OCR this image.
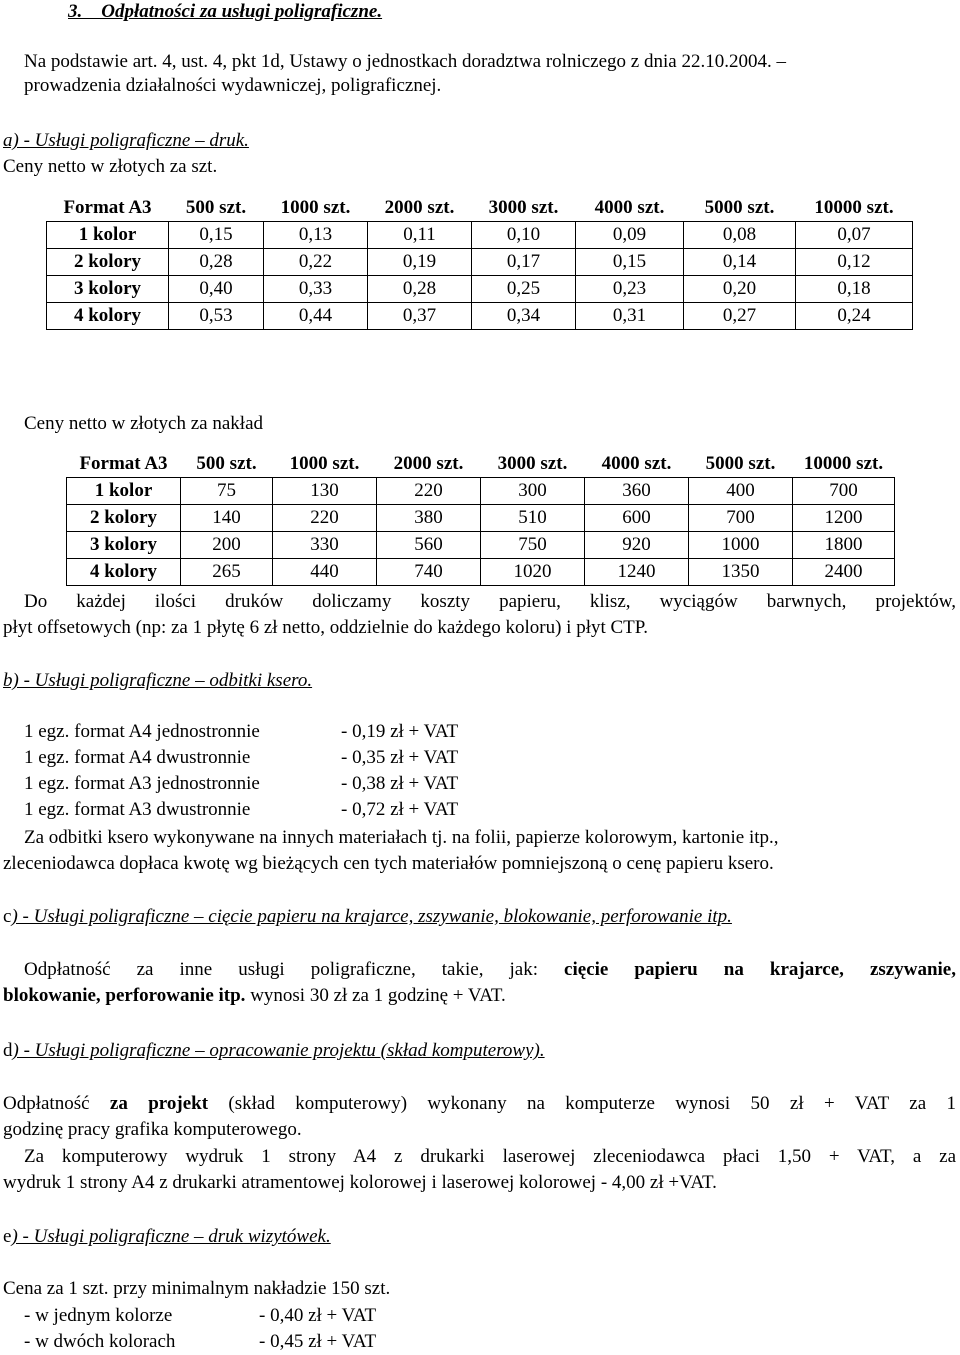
3.    Odpłatności za usługi poligraficzne.
Na podstawie art. 4, ust. 4, pkt 1d, Ustawy o jednostkach doradztwa rolniczego z dnia 22.10.2004. –
prowadzenia działalności wydawniczej, poligraficznej.
a) - Usługi poligraficzne – druk.
Ceny netto w złotych za szt.
Format A3	500 szt.	1000 szt.	2000 szt.	3000 szt.	4000 szt.	5000 szt.	10000 szt.
1 kolor	0,15	0,13	0,11	0,10	0,09	0,08	0,07
2 kolory	0,28	0,22	0,19	0,17	0,15	0,14	0,12
3 kolory	0,40	0,33	0,28	0,25	0,23	0,20	0,18
4 kolory	0,53	0,44	0,37	0,34	0,31	0,27	0,24
Ceny netto w złotych za nakład
Format A3	500 szt.	1000 szt.	2000 szt.	3000 szt.	4000 szt.	5000 szt.	10000 szt.
1 kolor	75	130	220	300	360	400	700
2 kolory	140	220	380	510	600	700	1200
3 kolory	200	330	560	750	920	1000	1800
4 kolory	265	440	740	1020	1240	1350	2400
Do każdej ilości druków doliczamy koszty papieru, klisz, wyciągów barwnych, projektów,
płyt offsetowych (np: za 1 płytę 6 zł netto, oddzielnie do każdego koloru) i płyt CTP.
b) - Usługi poligraficzne – odbitki ksero.
1 egz. format A4 jednostronnie	- 0,19 zł + VAT
1 egz. format A4 dwustronnie	- 0,35 zł + VAT
1 egz. format A3 jednostronnie	- 0,38 zł + VAT
1 egz. format A3 dwustronnie	- 0,72 zł + VAT
Za odbitki ksero wykonywane na innych materiałach tj. na folii, papierze kolorowym, kartonie itp.,
zleceniodawca dopłaca kwotę wg bieżących cen tych materiałów pomniejszoną o cenę papieru ksero.
c) - Usługi poligraficzne – cięcie papieru na krajarce, zszywanie, blokowanie, perforowanie itp.
Odpłatność za inne usługi poligraficzne, takie, jak: cięcie papieru na krajarce, zszywanie,
blokowanie, perforowanie itp. wynosi 30 zł za 1 godzinę + VAT.
d) - Usługi poligraficzne – opracowanie projektu (skład komputerowy).
Odpłatność za projekt (skład komputerowy) wykonany na komputerze wynosi 50 zł + VAT za 1
godzinę pracy grafika komputerowego.
Za komputerowy wydruk 1 strony A4 z drukarki laserowej zleceniodawca płaci 1,50 + VAT, a za
wydruk 1 strony A4 z drukarki atramentowej kolorowej i laserowej kolorowej - 4,00 zł +VAT.
e) - Usługi poligraficzne – druk wizytówek.
Cena za 1 szt. przy minimalnym nakładzie 150 szt.
- w jednym kolorze	- 0,40 zł + VAT
- w dwóch kolorach	- 0,45 zł + VAT
